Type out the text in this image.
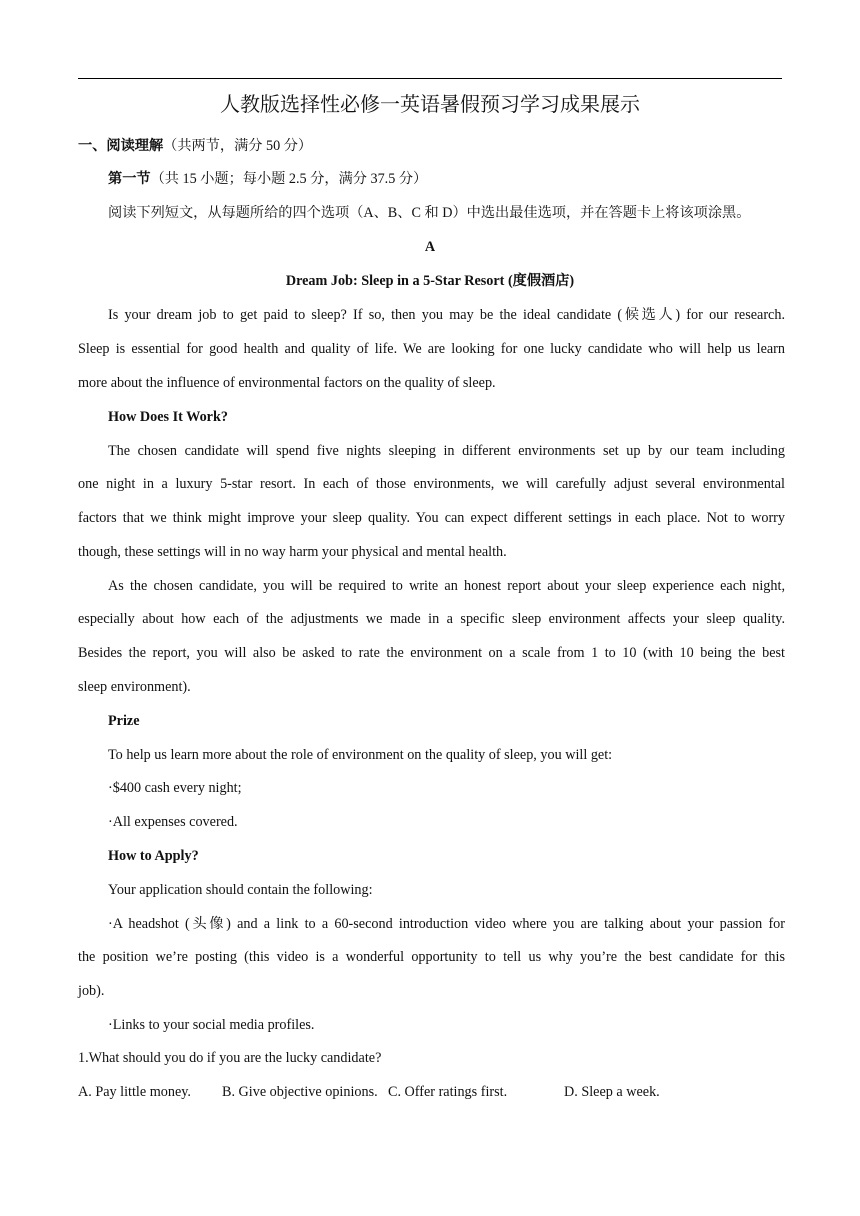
人教版选择性必修一英语暑假预习学习成果展示
一、阅读理解（共两节，满分 50 分）
第一节（共 15 小题；每小题 2.5 分，满分 37.5 分）
阅读下列短文，从每题所给的四个选项（A、B、C 和 D）中选出最佳选项，并在答题卡上将该项涂黑。
A
Dream Job: Sleep in a 5-Star Resort (度假酒店)
Is your dream job to get paid to sleep? If so, then you may be the ideal candidate (候选人) for our research.
Sleep is essential for good health and quality of life. We are looking for one lucky candidate who will help us learn
more about the influence of environmental factors on the quality of sleep.
How Does It Work?
The chosen candidate will spend five nights sleeping in different environments set up by our team including
one night in a luxury 5-star resort. In each of those environments, we will carefully adjust several environmental
factors that we think might improve your sleep quality. You can expect different settings in each place. Not to worry
though, these settings will in no way harm your physical and mental health.
As the chosen candidate, you will be required to write an honest report about your sleep experience each night,
especially about how each of the adjustments we made in a specific sleep environment affects your sleep quality.
Besides the report, you will also be asked to rate the environment on a scale from 1 to 10 (with 10 being the best
sleep environment).
Prize
To help us learn more about the role of environment on the quality of sleep, you will get:
·$400 cash every night;
·All expenses covered.
How to Apply?
Your application should contain the following:
·A headshot (头像) and a link to a 60-second introduction video where you are talking about your passion for
the position we’re posting (this video is a wonderful opportunity to tell us why you’re the best candidate for this
job).
·Links to your social media profiles.
1.What should you do if you are the lucky candidate?
A. Pay little money. B. Give objective opinions. C. Offer ratings first.	D. Sleep a week.
